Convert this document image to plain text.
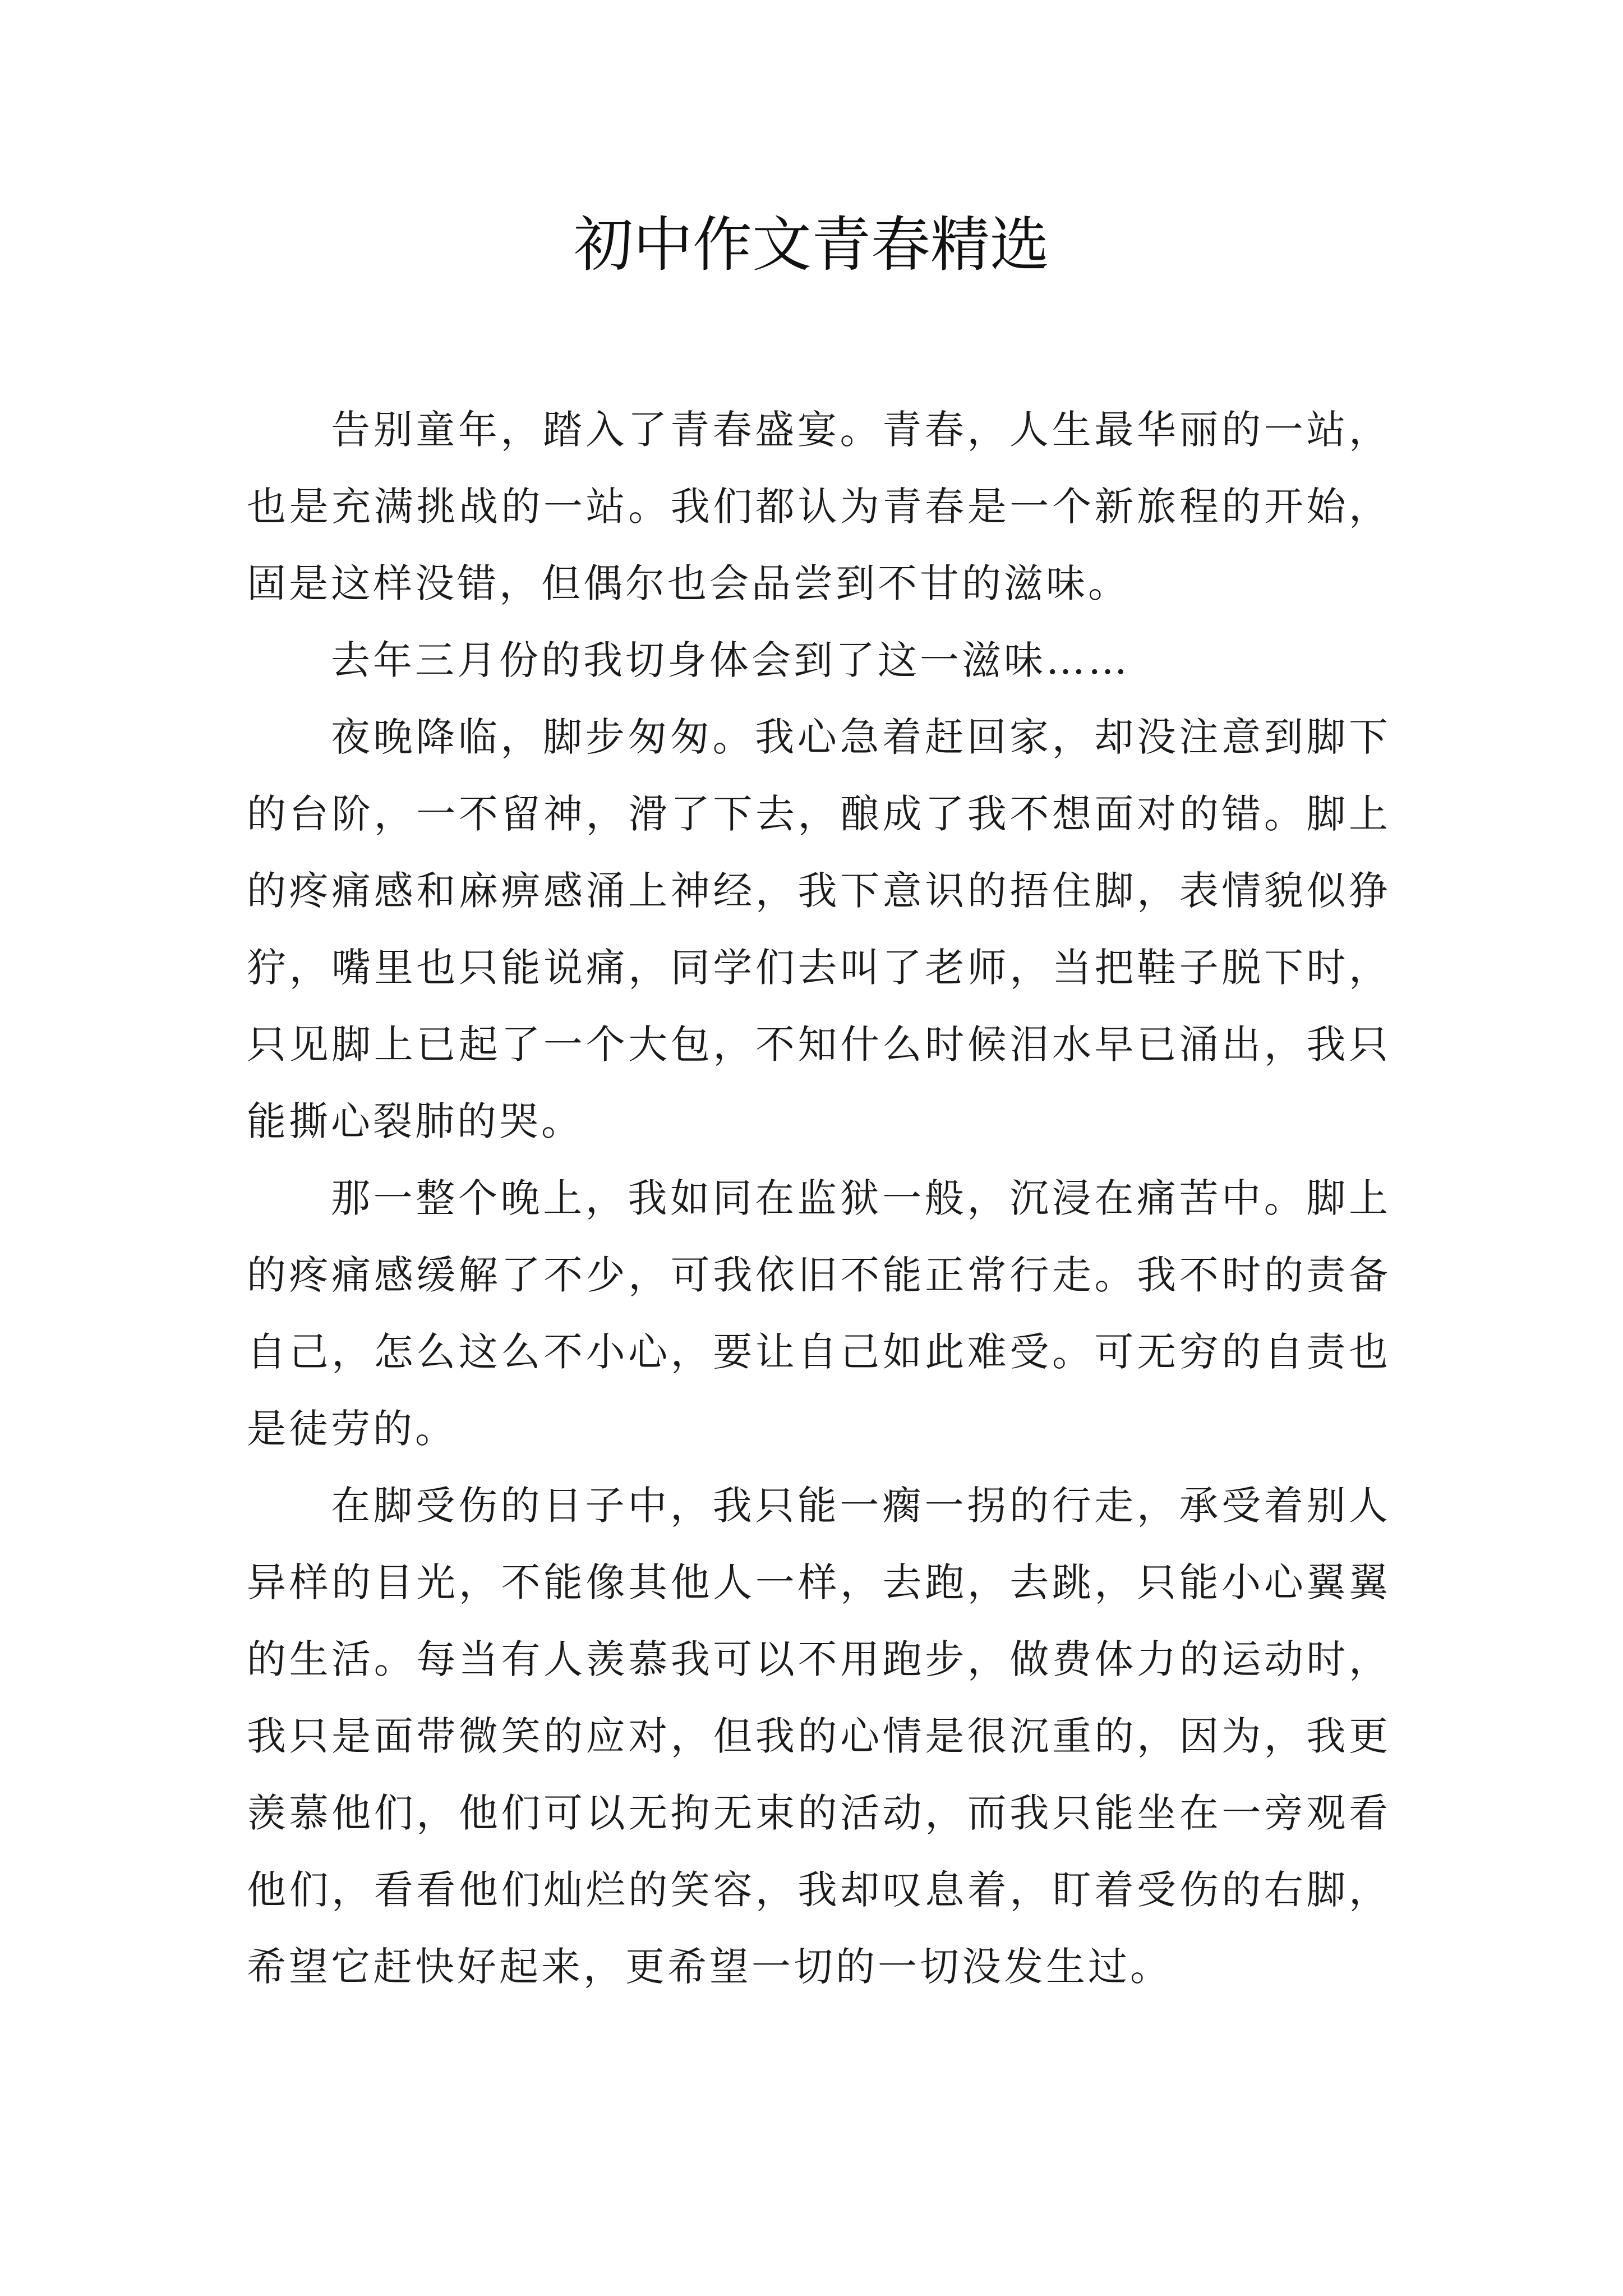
初中作文青春精选

告别童年，踏入了青春盛宴。青春，人生最华丽的一站，也是充满挑战的一站。我们都认为青春是一个新旅程的开始，固是这样没错，但偶尔也会品尝到不甘的滋味。

去年三月份的我切身体会到了这一滋味……

夜晚降临，脚步匆匆。我心急着赶回家，却没注意到脚下的台阶，一不留神，滑了下去，酿成了我不想面对的错。脚上的疼痛感和麻痹感涌上神经，我下意识的捂住脚，表情貌似狰狞，嘴里也只能说痛，同学们去叫了老师，当把鞋子脱下时，只见脚上已起了一个大包，不知什么时候泪水早已涌出，我只能撕心裂肺的哭。

那一整个晚上，我如同在监狱一般，沉浸在痛苦中。脚上的疼痛感缓解了不少，可我依旧不能正常行走。我不时的责备自己，怎么这么不小心，要让自己如此难受。可无穷的自责也是徒劳的。

在脚受伤的日子中，我只能一瘸一拐的行走，承受着别人异样的目光，不能像其他人一样，去跑，去跳，只能小心翼翼的生活。每当有人羡慕我可以不用跑步，做费体力的运动时，我只是面带微笑的应对，但我的心情是很沉重的，因为，我更羡慕他们，他们可以无拘无束的活动，而我只能坐在一旁观看他们，看看他们灿烂的笑容，我却叹息着，盯着受伤的右脚，希望它赶快好起来，更希望一切的一切没发生过。
